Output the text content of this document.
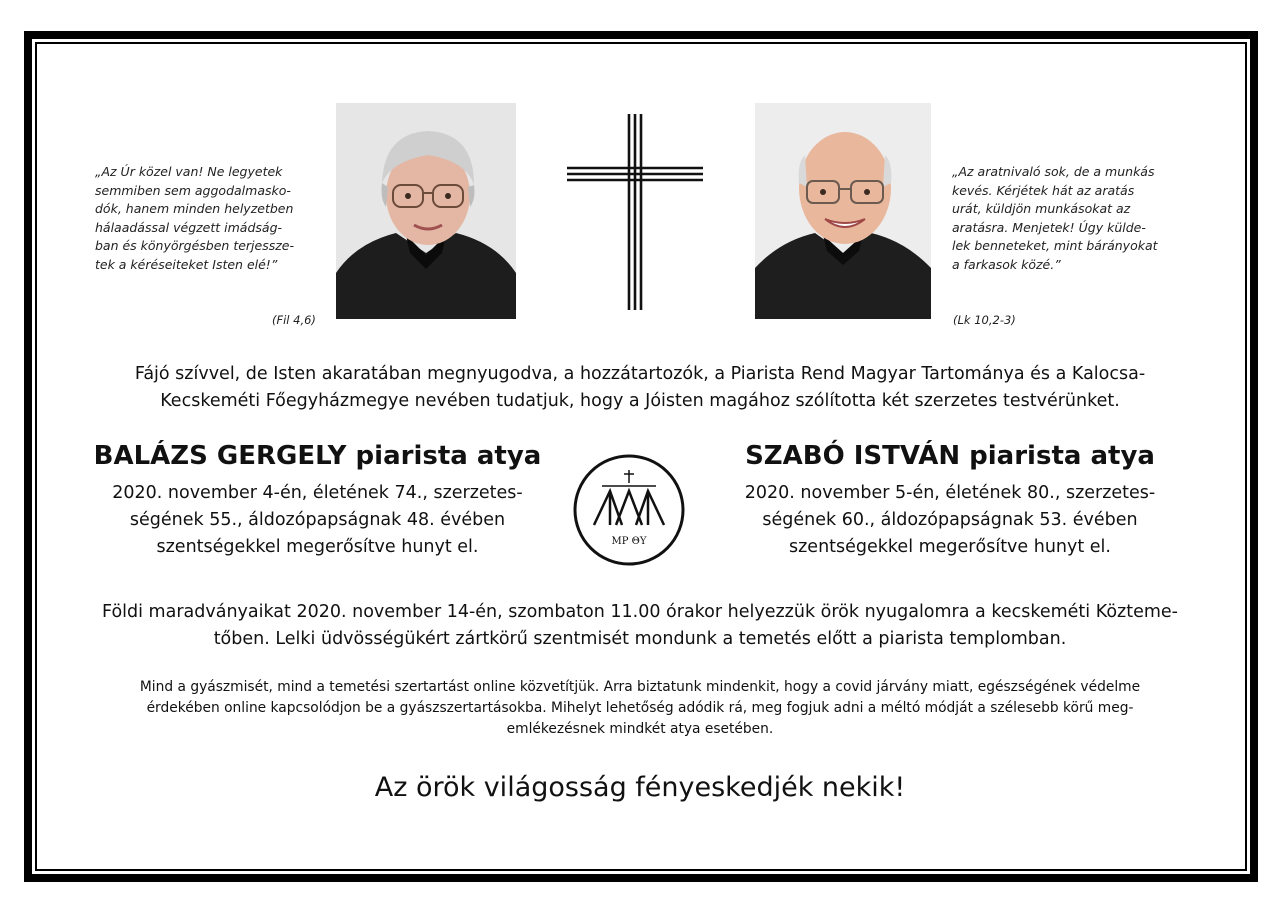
„Az Úr közel van! Ne legyetek
semmiben sem aggodalmasko-
dók, hanem minden helyzetben
hálaadással végzett imádság-
ban és könyörgésben terjessze-
tek a kéréseiteket Isten elé!”
(Fil 4,6)
„Az aratnivaló sok, de a munkás
kevés. Kérjétek hát az aratás
urát, küldjön munkásokat az
aratásra. Menjetek! Úgy külde-
lek benneteket, mint bárányokat
a farkasok közé.”
(Lk 10,2-3)
Fájó szívvel, de Isten akaratában megnyugodva, a hozzátartozók, a Piarista Rend Magyar Tartománya és a Kalocsa-
Kecskeméti Főegyházmegye nevében tudatjuk, hogy a Jóisten magához szólította két szerzetes testvérünket.
BALÁZS GERGELY piarista atya	SZABÓ ISTVÁN piarista atya
2020. november 4-én, életének 74., szerzetes-
ségének 55., áldozópapságnak 48. évében
szentségekkel megerősítve hunyt el.
2020. november 5-én, életének 80., szerzetes-
ségének 60., áldozópapságnak 53. évében
szentségekkel megerősítve hunyt el.
MP ΘY
Földi maradványaikat 2020. november 14-én, szombaton 11.00 órakor helyezzük örök nyugalomra a kecskeméti Közteme-
tőben. Lelki üdvösségükért zártkörű szentmisét mondunk a temetés előtt a piarista templomban.
Mind a gyászmisét, mind a temetési szertartást online közvetítjük. Arra biztatunk mindenkit, hogy a covid járvány miatt, egészségének védelme
érdekében online kapcsolódjon be a gyászszertartásokba. Mihelyt lehetőség adódik rá, meg fogjuk adni a méltó módját a szélesebb körű meg-
emlékezésnek mindkét atya esetében.
Az örök világosság fényeskedjék nekik!
